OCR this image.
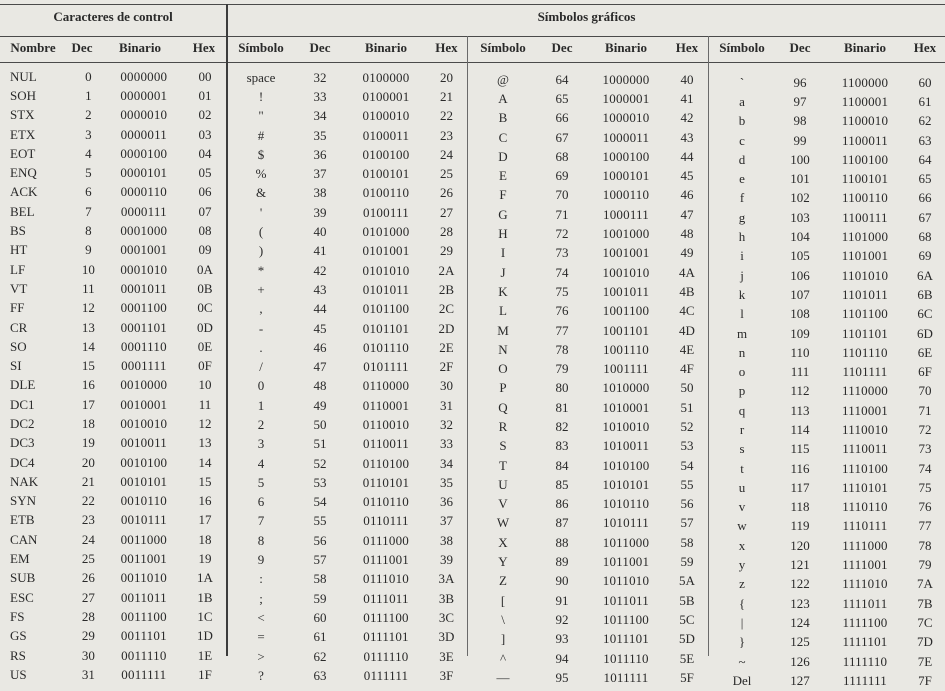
Caracteres de control	Símbolos gráficos
Nombre	Dec	Binario	Hex
NUL	0	0000000	00
SOH	1	0000001	01
STX	2	0000010	02
ETX	3	0000011	03
EOT	4	0000100	04
ENQ	5	0000101	05
ACK	6	0000110	06
BEL	7	0000111	07
BS	8	0001000	08
HT	9	0001001	09
LF	10	0001010	0A
VT	11	0001011	0B
FF	12	0001100	0C
CR	13	0001101	0D
SO	14	0001110	0E
SI	15	0001111	0F
DLE	16	0010000	10
DC1	17	0010001	11
DC2	18	0010010	12
DC3	19	0010011	13
DC4	20	0010100	14
NAK	21	0010101	15
SYN	22	0010110	16
ETB	23	0010111	17
CAN	24	0011000	18
EM	25	0011001	19
SUB	26	0011010	1A
ESC	27	0011011	1B
FS	28	0011100	1C
GS	29	0011101	1D
RS	30	0011110	1E
US	31	0011111	1F
Símbolo	Dec	Binario	Hex
space	32	0100000	20
!	33	0100001	21
"	34	0100010	22
#	35	0100011	23
$	36	0100100	24
%	37	0100101	25
&	38	0100110	26
'	39	0100111	27
(	40	0101000	28
)	41	0101001	29
*	42	0101010	2A
+	43	0101011	2B
,	44	0101100	2C
-	45	0101101	2D
.	46	0101110	2E
/	47	0101111	2F
0	48	0110000	30
1	49	0110001	31
2	50	0110010	32
3	51	0110011	33
4	52	0110100	34
5	53	0110101	35
6	54	0110110	36
7	55	0110111	37
8	56	0111000	38
9	57	0111001	39
:	58	0111010	3A
;	59	0111011	3B
<	60	0111100	3C
=	61	0111101	3D
>	62	0111110	3E
?	63	0111111	3F
Símbolo	Dec	Binario	Hex
@	64	1000000	40
A	65	1000001	41
B	66	1000010	42
C	67	1000011	43
D	68	1000100	44
E	69	1000101	45
F	70	1000110	46
G	71	1000111	47
H	72	1001000	48
I	73	1001001	49
J	74	1001010	4A
K	75	1001011	4B
L	76	1001100	4C
M	77	1001101	4D
N	78	1001110	4E
O	79	1001111	4F
P	80	1010000	50
Q	81	1010001	51
R	82	1010010	52
S	83	1010011	53
T	84	1010100	54
U	85	1010101	55
V	86	1010110	56
W	87	1010111	57
X	88	1011000	58
Y	89	1011001	59
Z	90	1011010	5A
[	91	1011011	5B
\	92	1011100	5C
]	93	1011101	5D
^	94	1011110	5E
—	95	1011111	5F
Símbolo	Dec	Binario	Hex
`	96	1100000	60
a	97	1100001	61
b	98	1100010	62
c	99	1100011	63
d	100	1100100	64
e	101	1100101	65
f	102	1100110	66
g	103	1100111	67
h	104	1101000	68
i	105	1101001	69
j	106	1101010	6A
k	107	1101011	6B
l	108	1101100	6C
m	109	1101101	6D
n	110	1101110	6E
o	111	1101111	6F
p	112	1110000	70
q	113	1110001	71
r	114	1110010	72
s	115	1110011	73
t	116	1110100	74
u	117	1110101	75
v	118	1110110	76
w	119	1110111	77
x	120	1111000	78
y	121	1111001	79
z	122	1111010	7A
{	123	1111011	7B
|	124	1111100	7C
}	125	1111101	7D
~	126	1111110	7E
Del	127	1111111	7F
